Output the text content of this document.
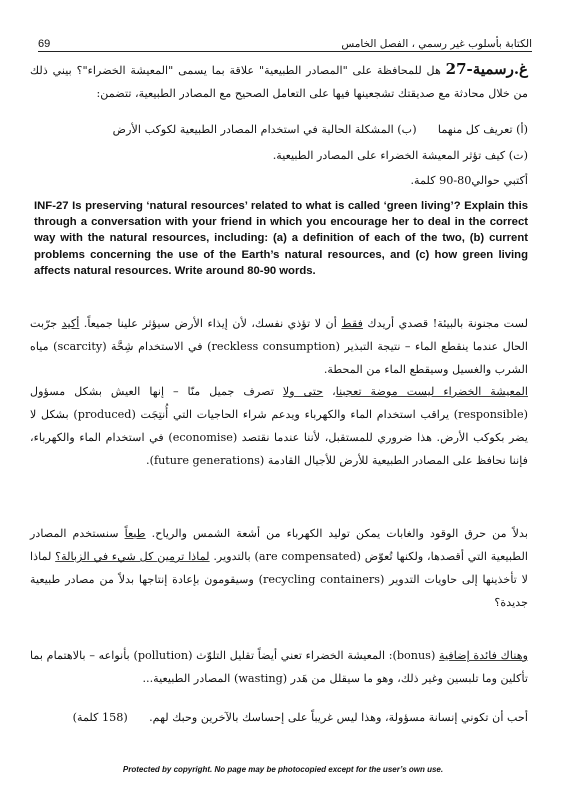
69	الكتابة بأسلوب غير رسمي ، الفصل الخامس

غ.رسمية-27 هل للمحافظة على "المصادر الطبيعية" علاقة بما يسمى "المعيشة الخضراء"؟ بيني ذلك من خلال محادثة مع صديقتك تشجعينها فيها على التعامل الصحيح مع المصادر الطبيعية، تتضمن:

(أ) تعريف كل منهما      (ب) المشكلة الحالية في استخدام المصادر الطبيعية لكوكب الأرض

(ت) كيف تؤثر المعيشة الخضراء على المصادر الطبيعية.

أكتبي حوالي80-90 كلمة.

INF-27 Is preserving ‘natural resources’ related to what is called ‘green living’? Explain this through a conversation with your friend in which you encourage her to deal in the correct way with the natural resources, including: (a) a definition of each of the two, (b) current problems concerning the use of the Earth’s natural resources, and (c) how green living affects natural resources. Write around 80-90 words.

لست مجنونة بالبيئة! قصدي أريدك فقط أن لا تؤذي نفسك، لأن إيذاء الأرض سيؤثر علينا جميعاً. أكيد جرّبت الحال عندما ينقطع الماء – نتيجة التبذير (reckless consumption) في الاستخدام شِحَّة (scarcity) مياه الشرب والغسيل وسيقطع الماء من المحطة.

المعيشة الخضراء ليست موضة تعجبنا، حتى ولا تصرف جميل منّا – إنها العيش بشكل مسؤول (responsible) يراقب استخدام الماء والكهرباء ويدعم شراء الحاجيات التي أُنتِجَت (produced) بشكل لا يضر بكوكب الأرض. هذا ضروري للمستقبل، لأننا عندما نقتصد (economise) في استخدام الماء والكهرباء، فإننا نحافظ على المصادر الطبيعية للأرض للأجيال القادمة (future generations).

بدلاً من حرق الوقود والغابات يمكن توليد الكهرباء من أشعة الشمس والرياح. طبعاً سنستخدم المصادر الطبيعية التي أقصدها، ولكنها تُعوّض (are compensated) بالتدوير. لماذا ترمين كل شيء في الزبالة؟ لماذا لا تأخذينها إلى حاويات التدوير (recycling containers) وسيقومون بإعادة إنتاجها بدلاً من مصادر طبيعية جديدة؟

وهناك فائدة إضافية (bonus): المعيشة الخضراء تعني أيضاً تقليل التلوّث (pollution) بأنواعه – بالاهتمام بما تأكلين وما تلبسين وغير ذلك، وهو ما سيقلل من هَدر (wasting) المصادر الطبيعية...

أحب أن تكوني إنسانة مسؤولة، وهذا ليس غريباً على إحساسك بالآخرين وحبك لهم.      (158 كلمة)

Protected by copyright. No page may be photocopied except for the user’s own use.
